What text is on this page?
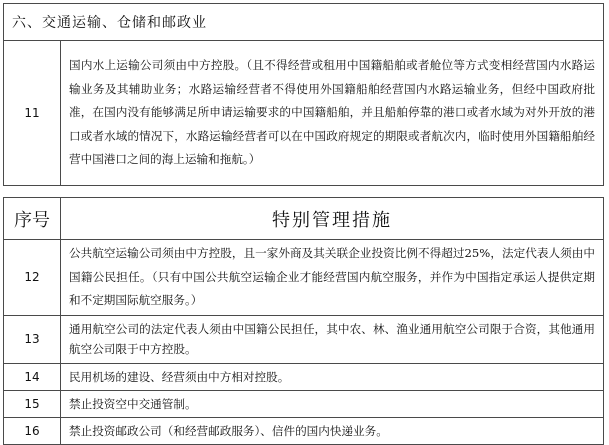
六、交通运输、仓储和邮政业
11	国内水上运输公司须由中方控股。（且不得经营或租用中国籍船舶或者舱位等方式变相经营国内水路运输业务及其辅助业务；水路运输经营者不得使用外国籍船舶经营国内水路运输业务，但经中国政府批准，在国内没有能够满足所申请运输要求的中国籍船舶，并且船舶停靠的港口或者水域为对外开放的港口或者水域的情况下，水路运输经营者可以在中国政府规定的期限或者航次内，临时使用外国籍船舶经营中国港口之间的海上运输和拖航。）
序号	特别管理措施
12	公共航空运输公司须由中方控股，且一家外商及其关联企业投资比例不得超过25%，法定代表人须由中国籍公民担任。（只有中国公共航空运输企业才能经营国内航空服务，并作为中国指定承运人提供定期和不定期国际航空服务。）
13	通用航空公司的法定代表人须由中国籍公民担任，其中农、林、渔业通用航空公司限于合资，其他通用航空公司限于中方控股。
14	民用机场的建设、经营须由中方相对控股。
15	禁止投资空中交通管制。
16	禁止投资邮政公司（和经营邮政服务）、信件的国内快递业务。
